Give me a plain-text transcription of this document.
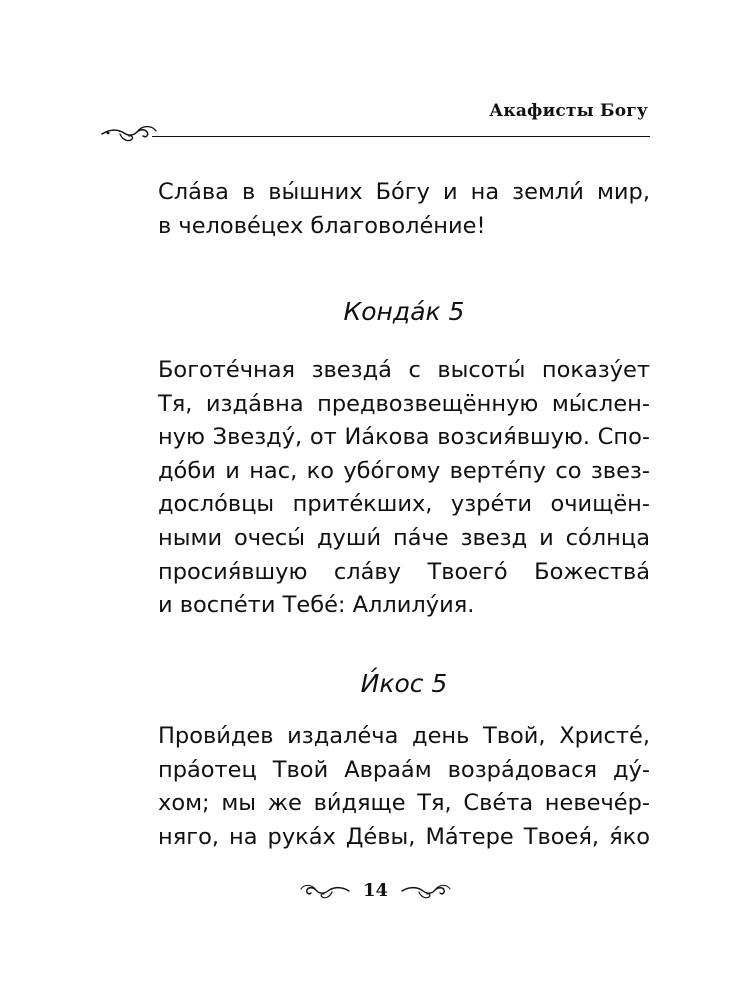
Акафисты Богу
Сла́ва в вы́шних Бо́гу и на земли́ мир,
в челове́цех благоволе́ние!
Конда́к 5
Боготе́чная звезда́ с высоты́ показу́ет
Тя, изда́вна предвозвещённую мы́слен-
ную Звезду́, от Иа́кова возсия́вшую. Спо-
до́би и нас, ко убо́гому верте́пу со звез-
досло́вцы прите́кших, узре́ти очищён-
ными очесы́ души́ па́че звезд и со́лнца
просия́вшую сла́ву Твоего́ Божества́
и воспе́ти Тебе́: Аллилу́ия.
И́кос 5
Прови́дев издале́ча день Твой, Христе́,
пра́отец Твой Авраа́м возра́довася ду́-
хом; мы же ви́дяще Тя, Све́та невече́р-
няго, на рука́х Де́вы, Ма́тере Твоея́, я́ко
14
